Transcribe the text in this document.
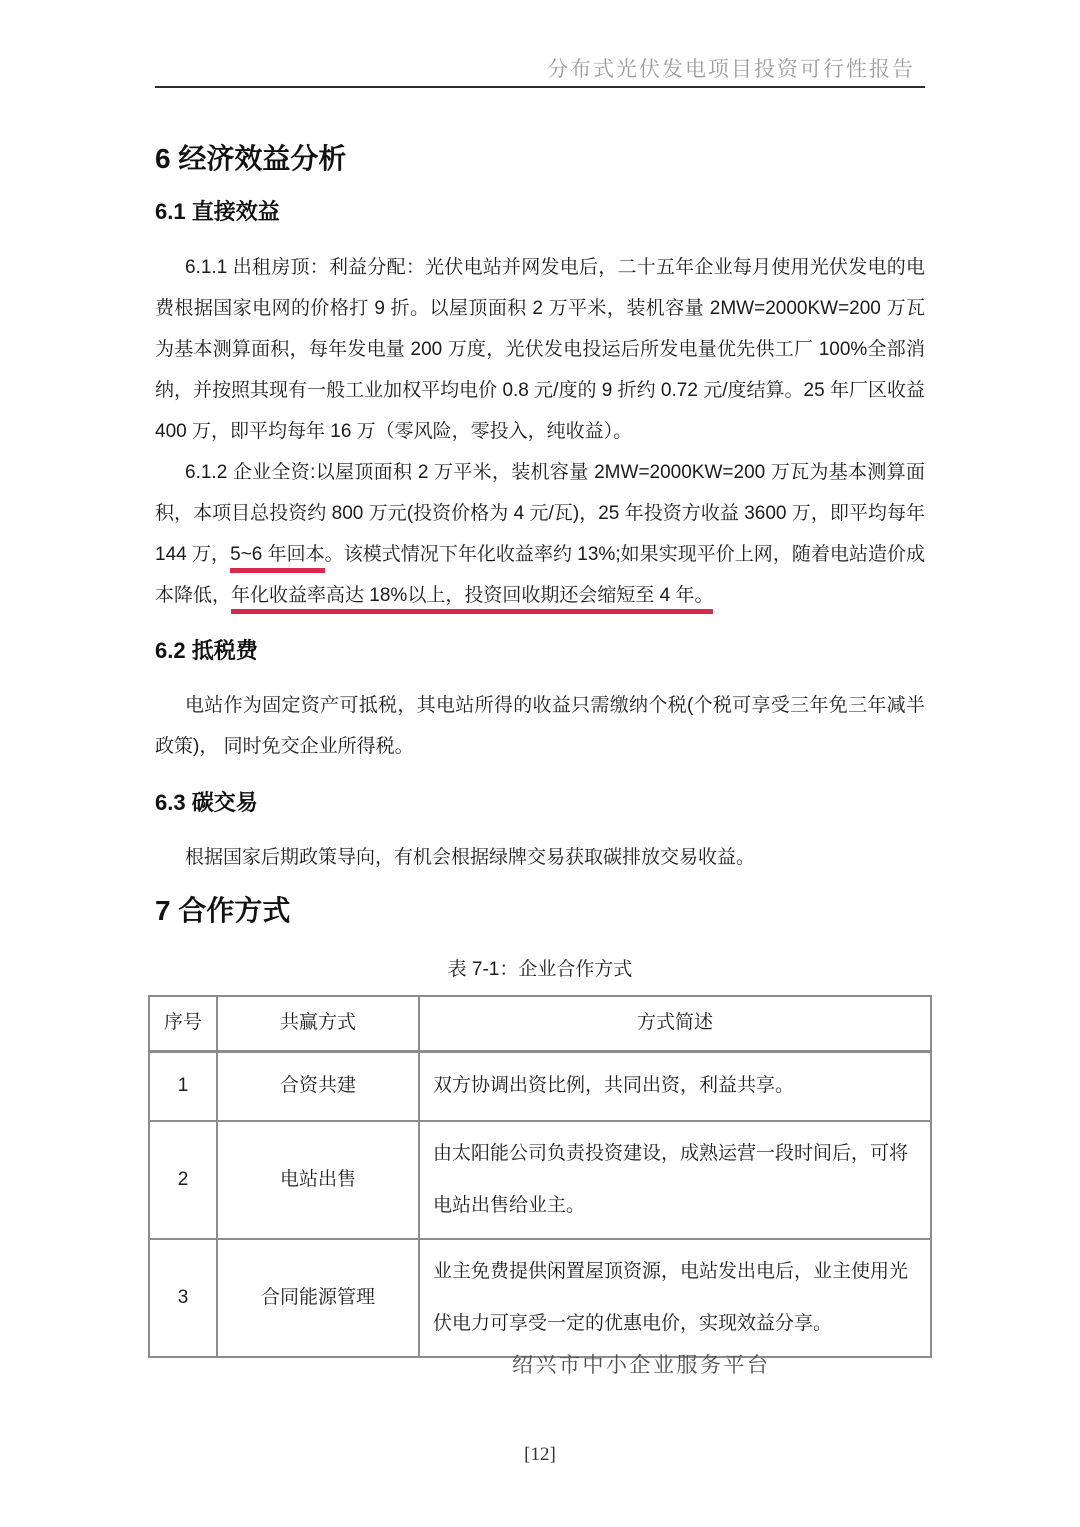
分布式光伏发电项目投资可行性报告
6 经济效益分析
6.1 直接效益

6.1.1 出租房顶：利益分配：光伏电站并网发电后，二十五年企业每月使用光伏发电的电费根据国家电网的价格打 9 折。以屋顶面积 2 万平米，装机容量 2MW=2000KW=200 万瓦为基本测算面积，每年发电量 200 万度，光伏发电投运后所发电量优先供工厂 100%全部消纳，并按照其现有一般工业加权平均电价 0.8 元/度的 9 折约 0.72 元/度结算。25 年厂区收益 400 万，即平均每年 16 万（零风险，零投入，纯收益）。

6.1.2 企业全资:以屋顶面积 2 万平米，装机容量 2MW=2000KW=200 万瓦为基本测算面积，本项目总投资约 800 万元(投资价格为 4 元/瓦)，25 年投资方收益 3600 万，即平均每年 144 万，5~6 年回本。该模式情况下年化收益率约 13%;如果实现平价上网，随着电站造价成本降低，年化收益率高达 18%以上，投资回收期还会缩短至 4 年。

6.2 抵税费

电站作为固定资产可抵税，其电站所得的收益只需缴纳个税(个税可享受三年免三年减半政策)， 同时免交企业所得税。

6.3 碳交易

根据国家后期政策导向，有机会根据绿牌交易获取碳排放交易收益。

7 合作方式
表 7-1：企业合作方式
序号	共赢方式	方式简述
1	合资共建	双方协调出资比例，共同出资，利益共享。
2	电站出售	由太阳能公司负责投资建设，成熟运营一段时间后，可将电站出售给业主。
3	合同能源管理	业主免费提供闲置屋顶资源，电站发出电后，业主使用光伏电力可享受一定的优惠电价，实现效益分享。
绍兴市中小企业服务平台
[12]
